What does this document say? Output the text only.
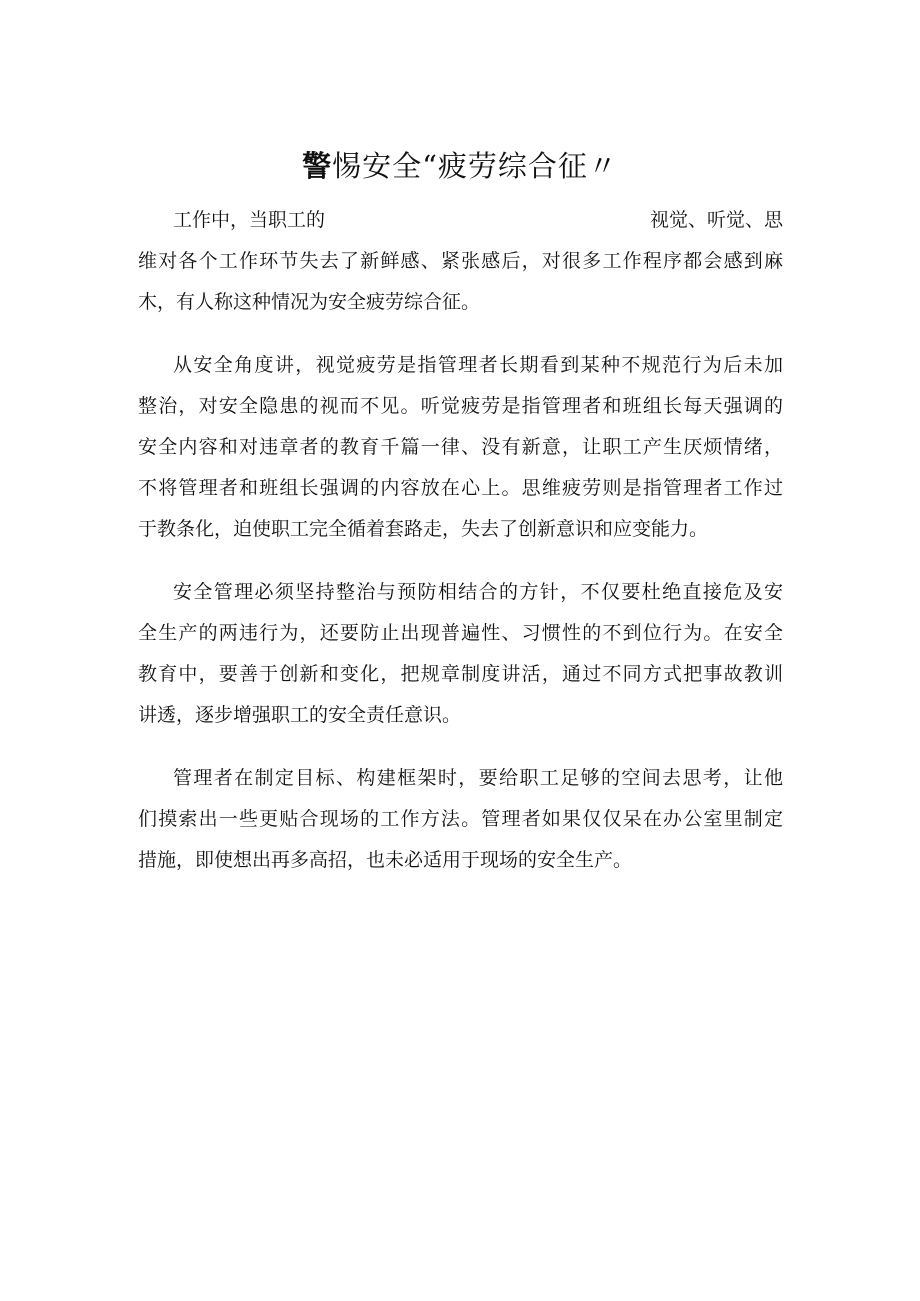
警惕安全“疲劳综合征〃
工作中，当职工的	视觉、听觉、思
维对各个工作环节失去了新鲜感、紧张感后，对很多工作程序都会感到麻
木，有人称这种情况为安全疲劳综合征。
从安全角度讲，视觉疲劳是指管理者长期看到某种不规范行为后未加
整治，对安全隐患的视而不见。听觉疲劳是指管理者和班组长每天强调的
安全内容和对违章者的教育千篇一律、没有新意，让职工产生厌烦情绪，
不将管理者和班组长强调的内容放在心上。思维疲劳则是指管理者工作过
于教条化，迫使职工完全循着套路走，失去了创新意识和应变能力。
安全管理必须坚持整治与预防相结合的方针，不仅要杜绝直接危及安
全生产的两违行为，还要防止出现普遍性、习惯性的不到位行为。在安全
教育中，要善于创新和变化，把规章制度讲活，通过不同方式把事故教训
讲透，逐步增强职工的安全责任意识。
管理者在制定目标、构建框架时，要给职工足够的空间去思考，让他
们摸索出一些更贴合现场的工作方法。管理者如果仅仅呆在办公室里制定
措施，即使想出再多高招，也未必适用于现场的安全生产。
